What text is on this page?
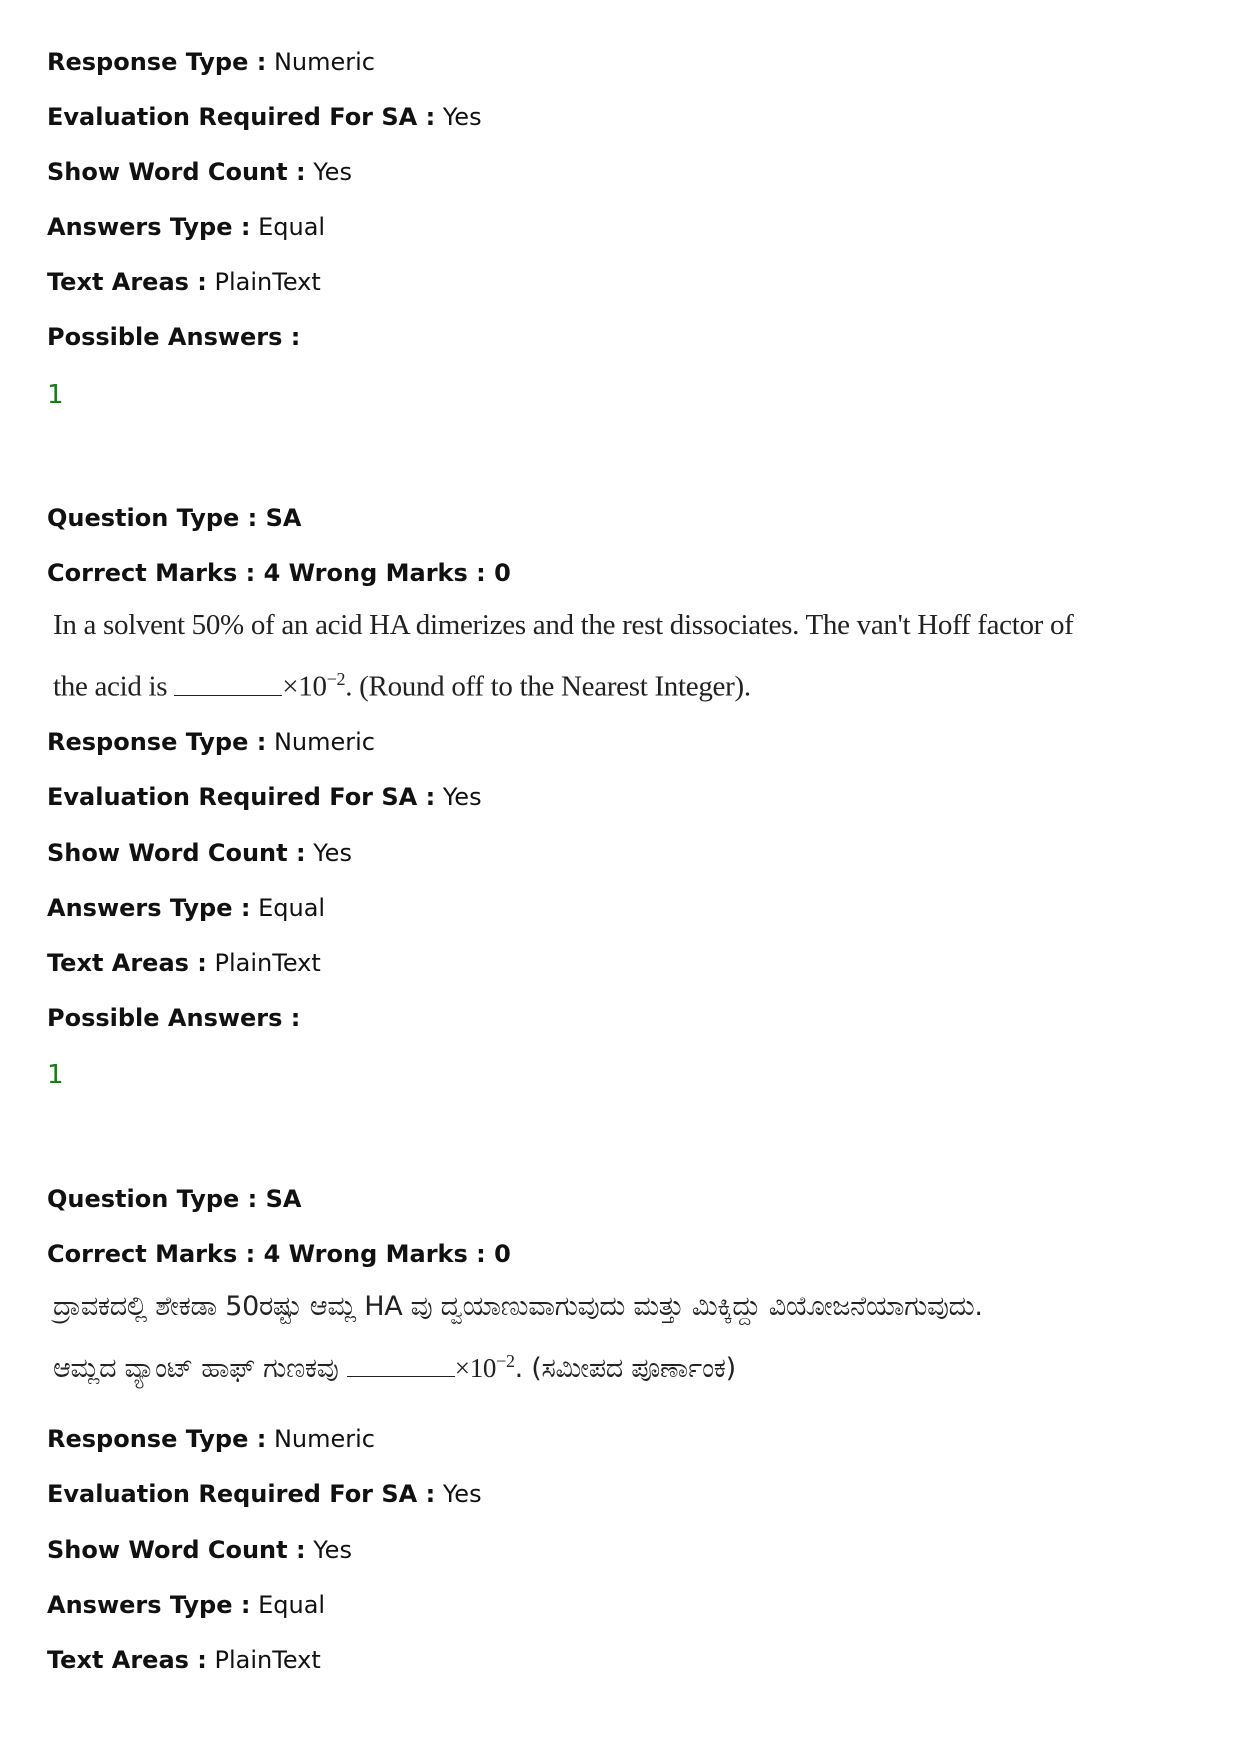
Response Type : Numeric
Evaluation Required For SA : Yes
Show Word Count : Yes
Answers Type : Equal
Text Areas : PlainText
Possible Answers :
1
Question Type : SA
Correct Marks : 4 Wrong Marks : 0
In a solvent 50% of an acid HA dimerizes and the rest dissociates. The van't Hoff factor of
the acid is	$\times 10^{-2}$. (Round off to the Nearest Integer).
Response Type : Numeric
Evaluation Required For SA : Yes
Show Word Count : Yes
Answers Type : Equal
Text Areas : PlainText
Possible Answers :
1
Question Type : SA
Correct Marks : 4 Wrong Marks : 0
ದ್ರಾವಕದಲ್ಲಿ ಶೇಕಡಾ 50ರಷ್ಟು ಆಮ್ಲ HA ವು ದ್ವಯಾಣುವಾಗುವುದು ಮತ್ತು ಮಿಕ್ಕಿದ್ದು ವಿಯೋಜನೆಯಾಗುವುದು.
ಆಮ್ಲದ ವ್ಯಾಂಟ್ ಹಾಫ್ ಗುಣಕವು	$\times 10^{-2}$. (ಸಮೀಪದ ಪೂರ್ಣಾಂಕ)
Response Type : Numeric
Evaluation Required For SA : Yes
Show Word Count : Yes
Answers Type : Equal
Text Areas : PlainText
